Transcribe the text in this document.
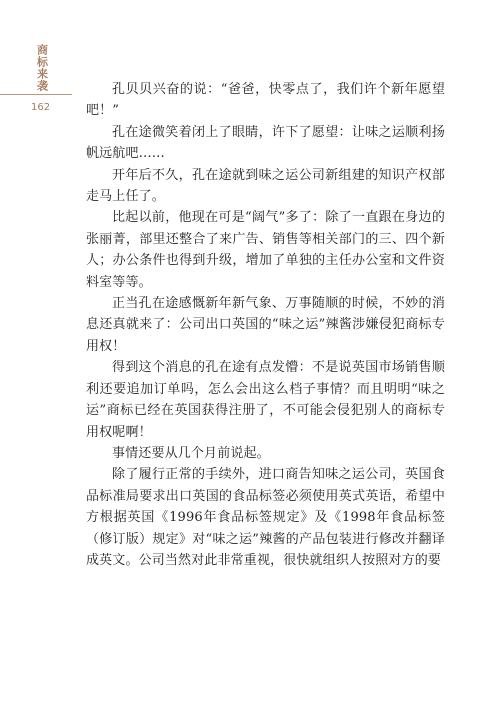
商标来袭
162

孔贝贝兴奋的说：“爸爸，快零点了，我们许个新年愿望吧！”

孔在途微笑着闭上了眼睛，许下了愿望：让味之运顺利扬帆远航吧……

开年后不久，孔在途就到味之运公司新组建的知识产权部走马上任了。

比起以前，他现在可是“阔气”多了：除了一直跟在身边的张丽菁，部里还整合了来广告、销售等相关部门的三、四个新人；办公条件也得到升级，增加了单独的主任办公室和文件资料室等等。

正当孔在途感慨新年新气象、万事随顺的时候，不妙的消息还真就来了：公司出口英国的“味之运”辣酱涉嫌侵犯商标专用权！

得到这个消息的孔在途有点发懵：不是说英国市场销售顺利还要追加订单吗，怎么会出这么档子事情？而且明明“味之运”商标已经在英国获得注册了，不可能会侵犯别人的商标专用权呢啊！

事情还要从几个月前说起。

除了履行正常的手续外，进口商告知味之运公司，英国食品标准局要求出口英国的食品标签必须使用英式英语，希望中方根据英国《1996年食品标签规定》及《1998年食品标签（修订版）规定》对“味之运”辣酱的产品包装进行修改并翻译成英文。公司当然对此非常重视，很快就组织人按照对方的要
